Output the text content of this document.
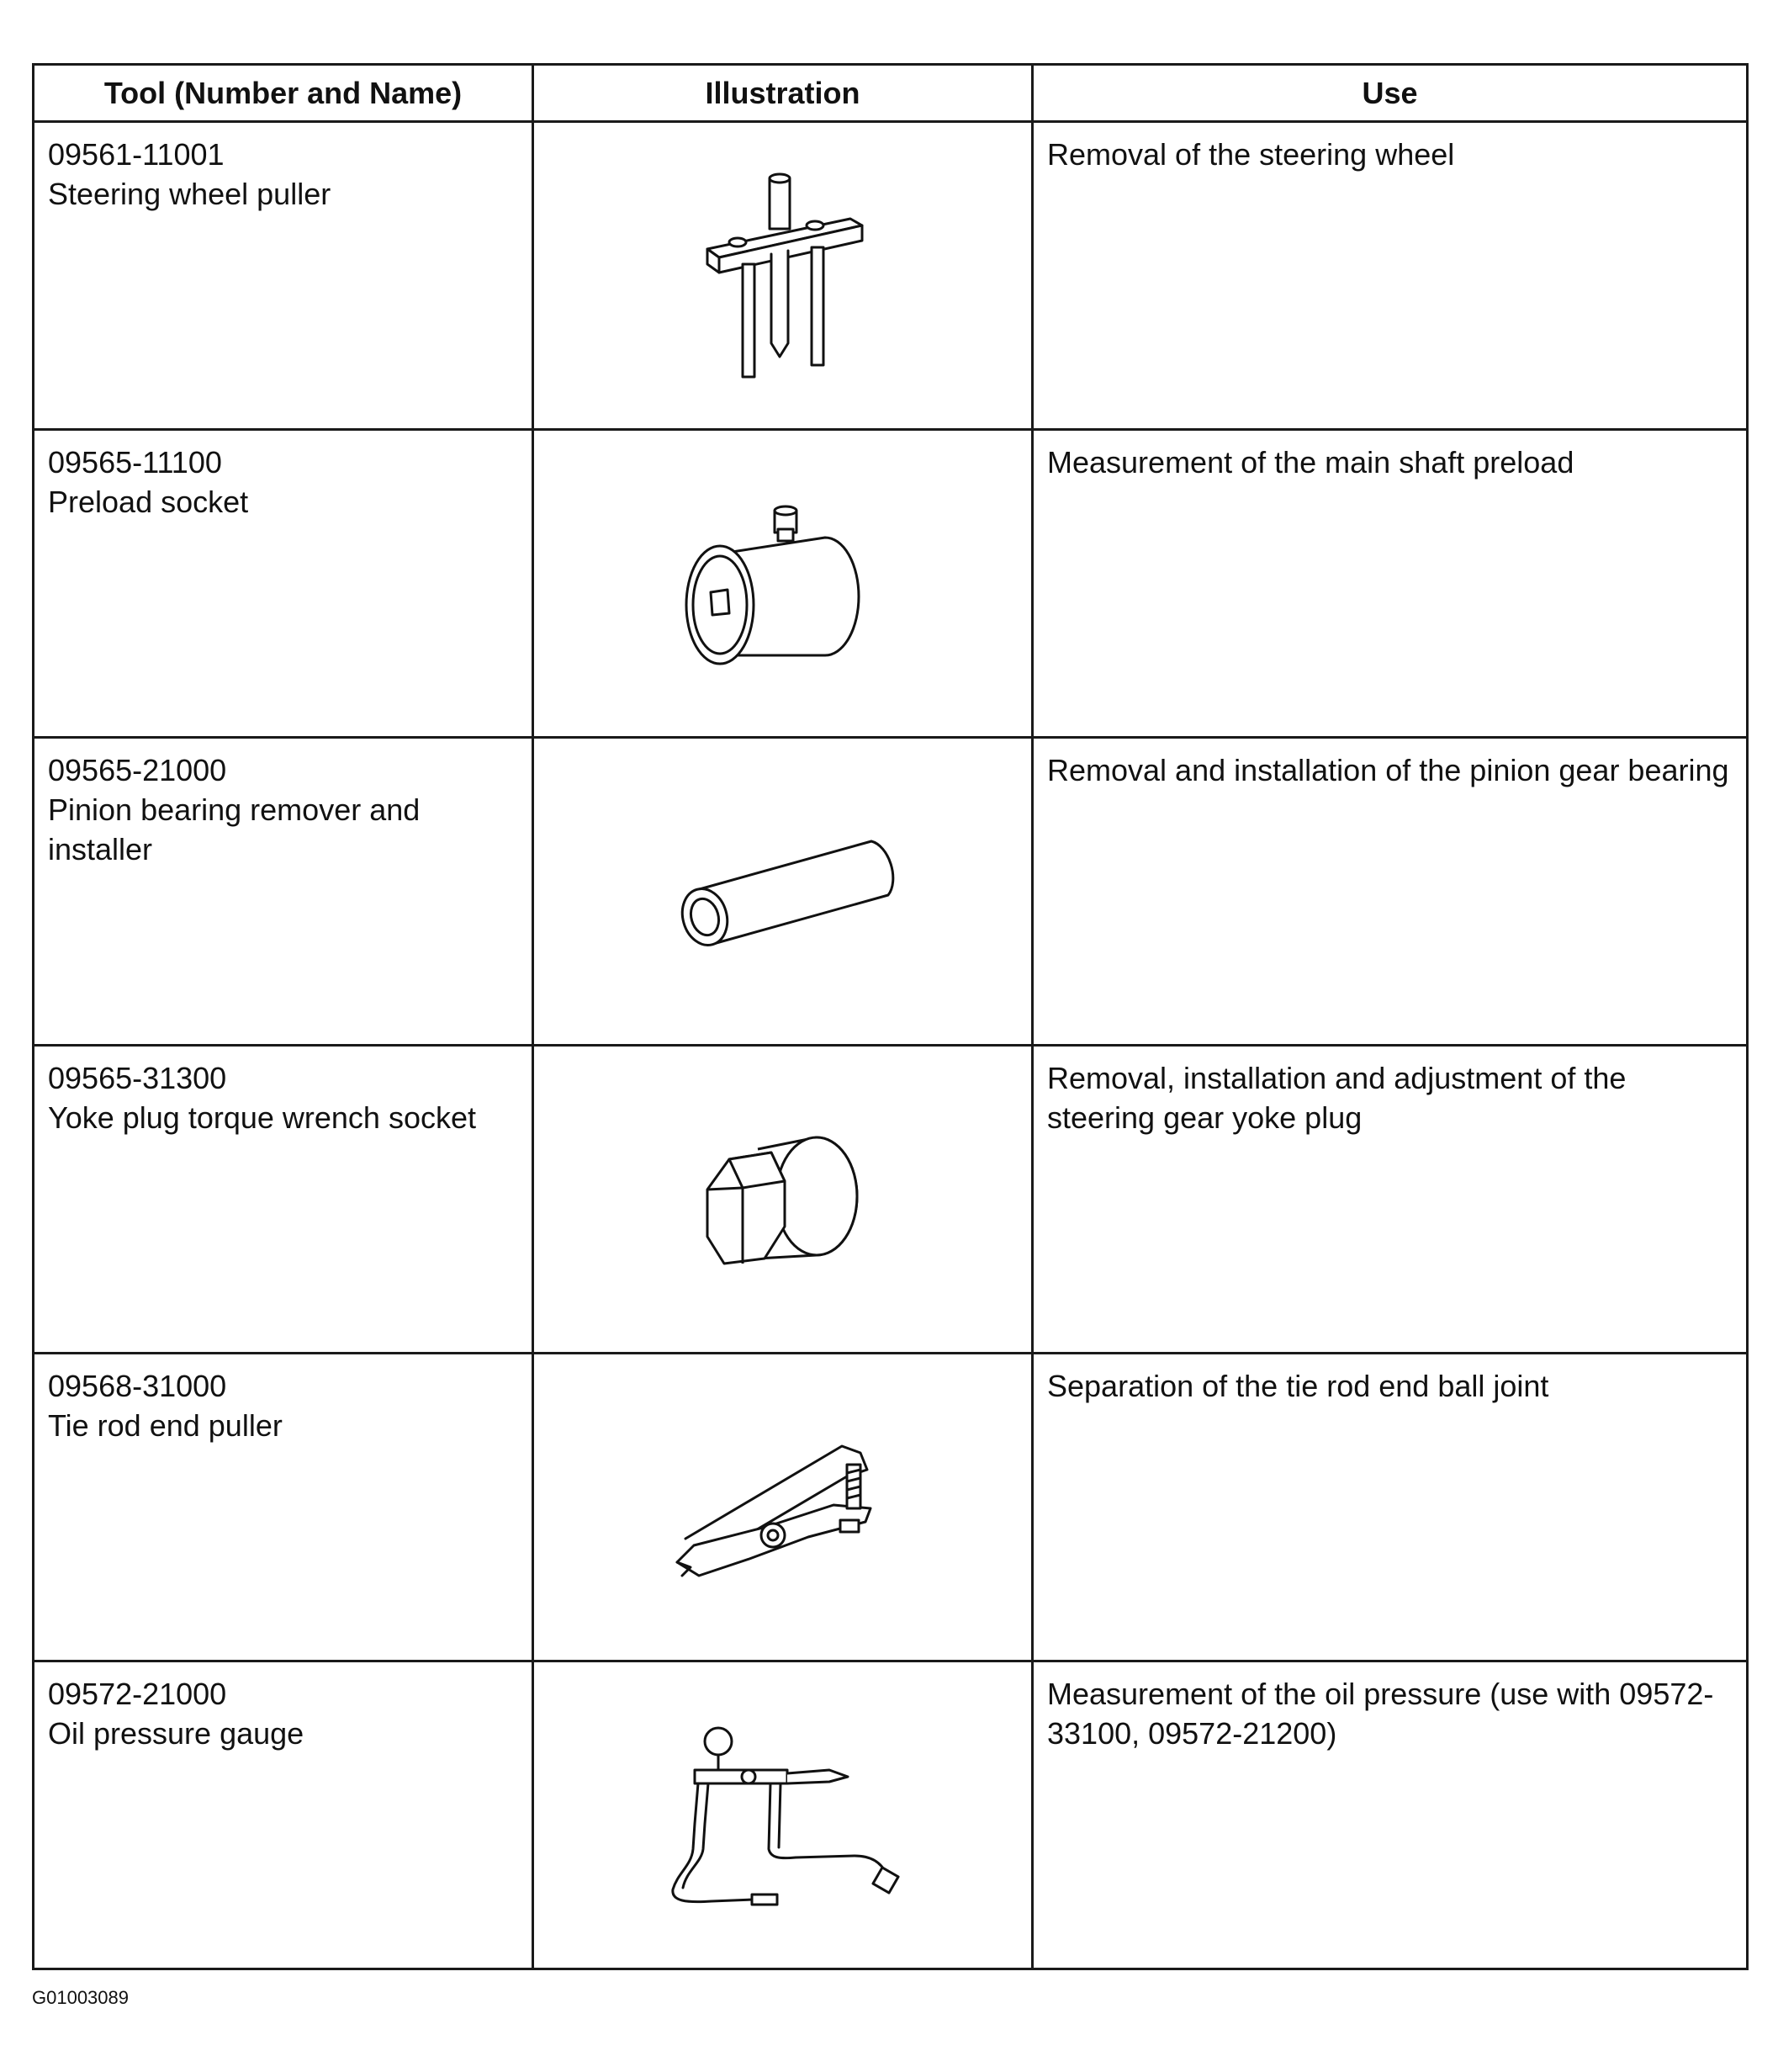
Tool (Number and Name)	Illustration	Use

09561-11001
Steering wheel puller		Removal of the steering wheel

09565-11100
Preload socket		Measurement of the main shaft preload

09565-21000
Pinion bearing remover and installer		Removal and installation of the pinion gear bearing

09565-31300
Yoke plug torque wrench socket		Removal, installation and adjustment of the steering gear yoke plug

09568-31000
Tie rod end puller		Separation of the tie rod end ball joint

09572-21000
Oil pressure gauge		Measurement of the oil pressure (use with 09572-33100, 09572-21200)
G01003089
